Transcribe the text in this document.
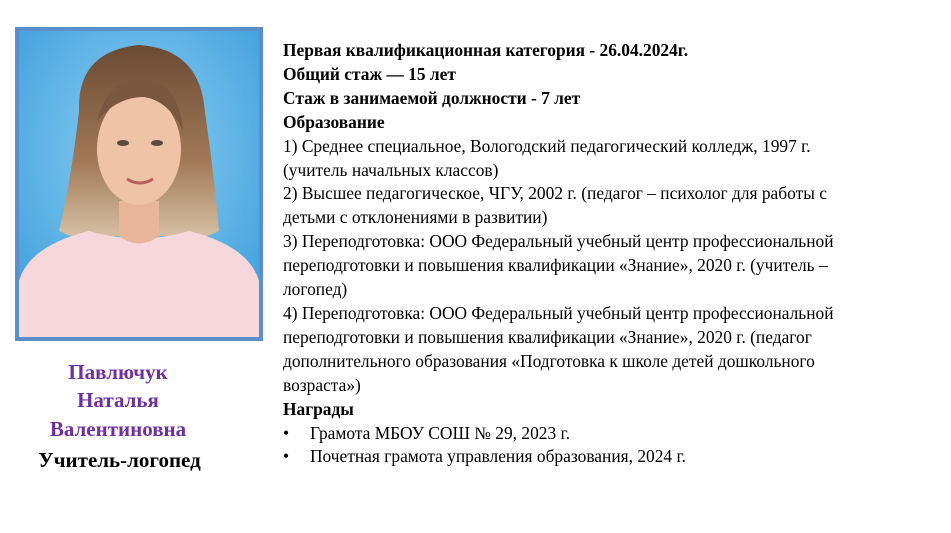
Павлючук
Наталья
Валентиновна
Учитель-логопед
Первая квалификационная категория - 26.04.2024г.
Общий стаж — 15 лет
Стаж в занимаемой должности - 7 лет
Образование
1) Среднее специальное, Вологодский педагогический колледж, 1997 г.
(учитель начальных классов)
2) Высшее педагогическое, ЧГУ, 2002 г. (педагог – психолог для работы с
детьми с отклонениями в развитии)
3) Переподготовка: ООО Федеральный учебный центр профессиональной
переподготовки и повышения квалификации «Знание», 2020 г. (учитель –
логопед)
4) Переподготовка: ООО Федеральный учебный центр профессиональной
переподготовки и повышения квалификации «Знание», 2020 г. (педагог
дополнительного образования «Подготовка к школе детей дошкольного
возраста»)
Награды
•	Грамота МБОУ СОШ № 29, 2023 г.
•	Почетная грамота управления образования, 2024 г.
